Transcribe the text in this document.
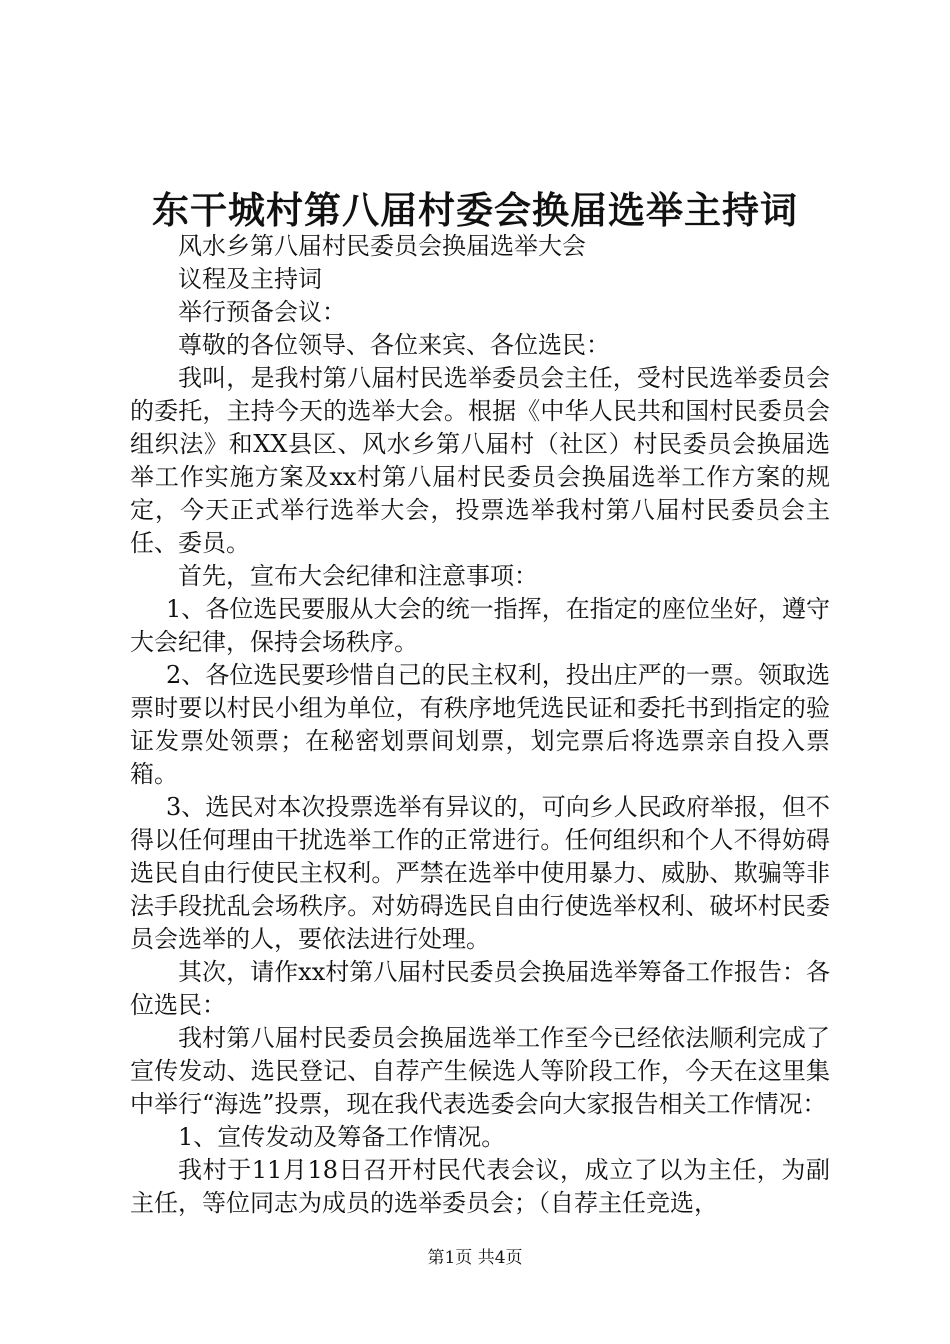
东干城村第八届村委会换届选举主持词

风水乡第八届村民委员会换届选举大会

议程及主持词

举行预备会议：

尊敬的各位领导、各位来宾、各位选民：

我叫，是我村第八届村民选举委员会主任，受村民选举委员会的委托，主持今天的选举大会。根据《中华人民共和国村民委员会组织法》和XX县区、风水乡第八届村（社区）村民委员会换届选举工作实施方案及xx村第八届村民委员会换届选举工作方案的规定，今天正式举行选举大会，投票选举我村第八届村民委员会主任、委员。

首先，宣布大会纪律和注意事项：

1、各位选民要服从大会的统一指挥，在指定的座位坐好，遵守大会纪律，保持会场秩序。

2、各位选民要珍惜自己的民主权利，投出庄严的一票。领取选票时要以村民小组为单位，有秩序地凭选民证和委托书到指定的验证发票处领票；在秘密划票间划票，划完票后将选票亲自投入票箱。

3、选民对本次投票选举有异议的，可向乡人民政府举报，但不得以任何理由干扰选举工作的正常进行。任何组织和个人不得妨碍选民自由行使民主权利。严禁在选举中使用暴力、威胁、欺骗等非法手段扰乱会场秩序。对妨碍选民自由行使选举权利、破坏村民委员会选举的人，要依法进行处理。

其次，请作xx村第八届村民委员会换届选举筹备工作报告：各位选民：

我村第八届村民委员会换届选举工作至今已经依法顺利完成了宣传发动、选民登记、自荐产生候选人等阶段工作，今天在这里集中举行“海选”投票，现在我代表选委会向大家报告相关工作情况：

1、宣传发动及筹备工作情况。

我村于11月18日召开村民代表会议，成立了以为主任，为副主任，等位同志为成员的选举委员会；（自荐主任竞选，

第1页 共4页
